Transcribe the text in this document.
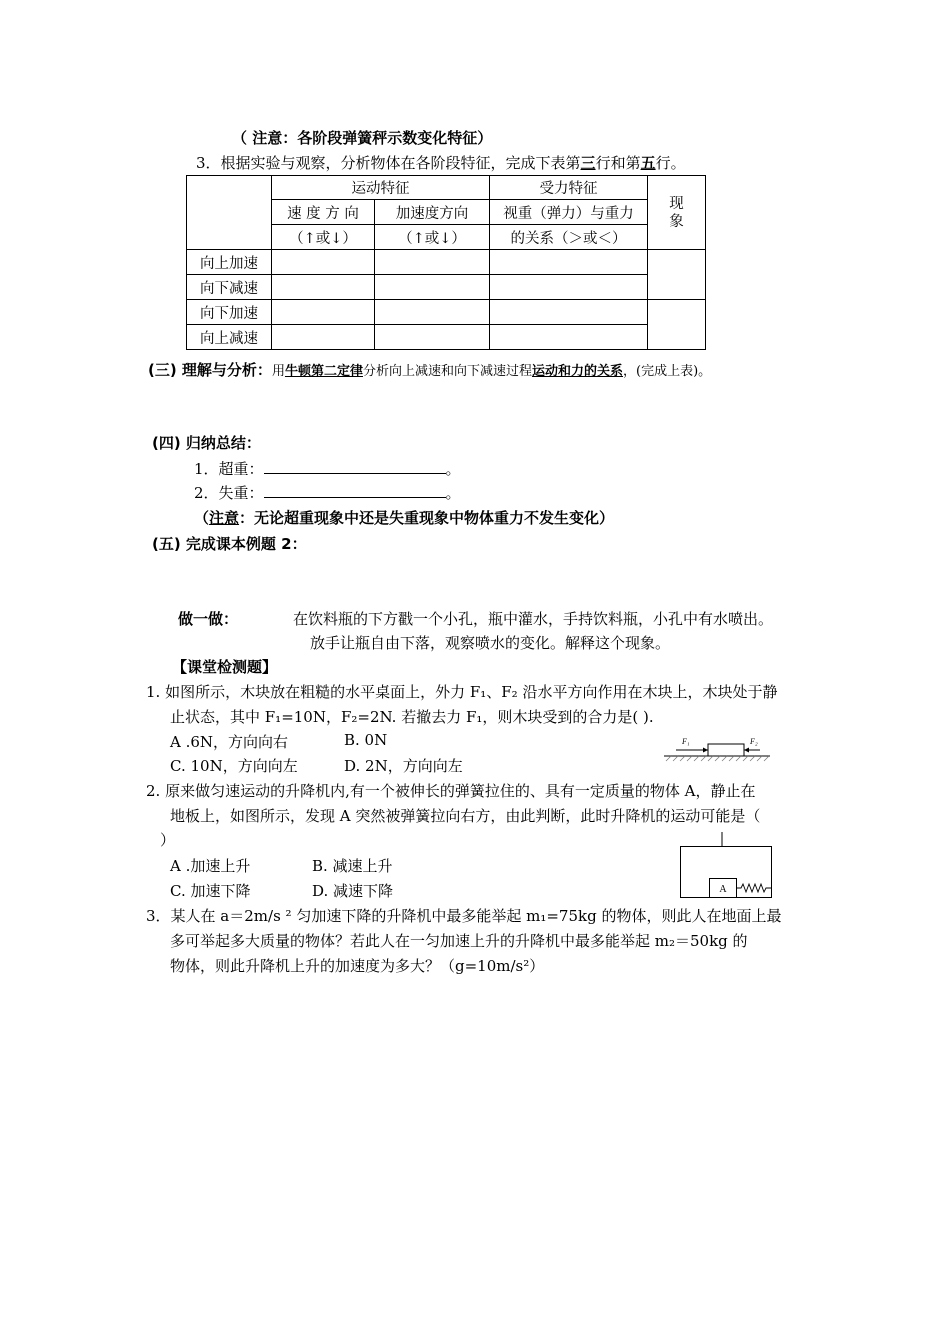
（ 注意：各阶段弹簧秤示数变化特征）
3．根据实验与观察，分析物体在各阶段特征，完成下表第三行和第五行。
	运动特征		受力特征	现象

	速 度 方 向	加速度方向	视重（弹力）与重力	
	（↑或↓）	（↑或↓）	的关系（＞或＜）	
向上加速				
向下减速				
向下加速				
向上减速				
(三) 理解与分析：用牛顿第二定律分析向上减速和向下减速过程运动和力的关系，(完成上表)。
(四) 归纳总结：
1．超重：	。
2．失重：	。
（注意：无论超重现象中还是失重现象中物体重力不发生变化）
(五) 完成课本例题 2：
做一做：	在饮料瓶的下方戳一个小孔，瓶中灌水，手持饮料瓶，小孔中有水喷出。
放手让瓶自由下落，观察喷水的变化。解释这个现象。
【课堂检测题】
1. 如图所示，木块放在粗糙的水平桌面上，外力 F₁、F₂ 沿水平方向作用在木块上，木块处于静
止状态，其中 F₁=10N，F₂=2N. 若撤去力 F₁，则木块受到的合力是( ).
A .6N，方向向右	B. 0N
C. 10N，方向向左	D. 2N，方向向左
F₁	F₂
2. 原来做匀速运动的升降机内,有一个被伸长的弹簧拉住的、具有一定质量的物体 A，静止在
地板上，如图所示，发现 A 突然被弹簧拉向右方，由此判断，此时升降机的运动可能是（
）
A .加速上升	B. 减速上升
C. 加速下降	D. 减速下降	A
3．某人在 a＝2m/s ² 匀加速下降的升降机中最多能举起 m₁=75kg 的物体，则此人在地面上最
多可举起多大质量的物体？若此人在一匀加速上升的升降机中最多能举起 m₂＝50kg 的
物体，则此升降机上升的加速度为多大？（g=10m/s²）
